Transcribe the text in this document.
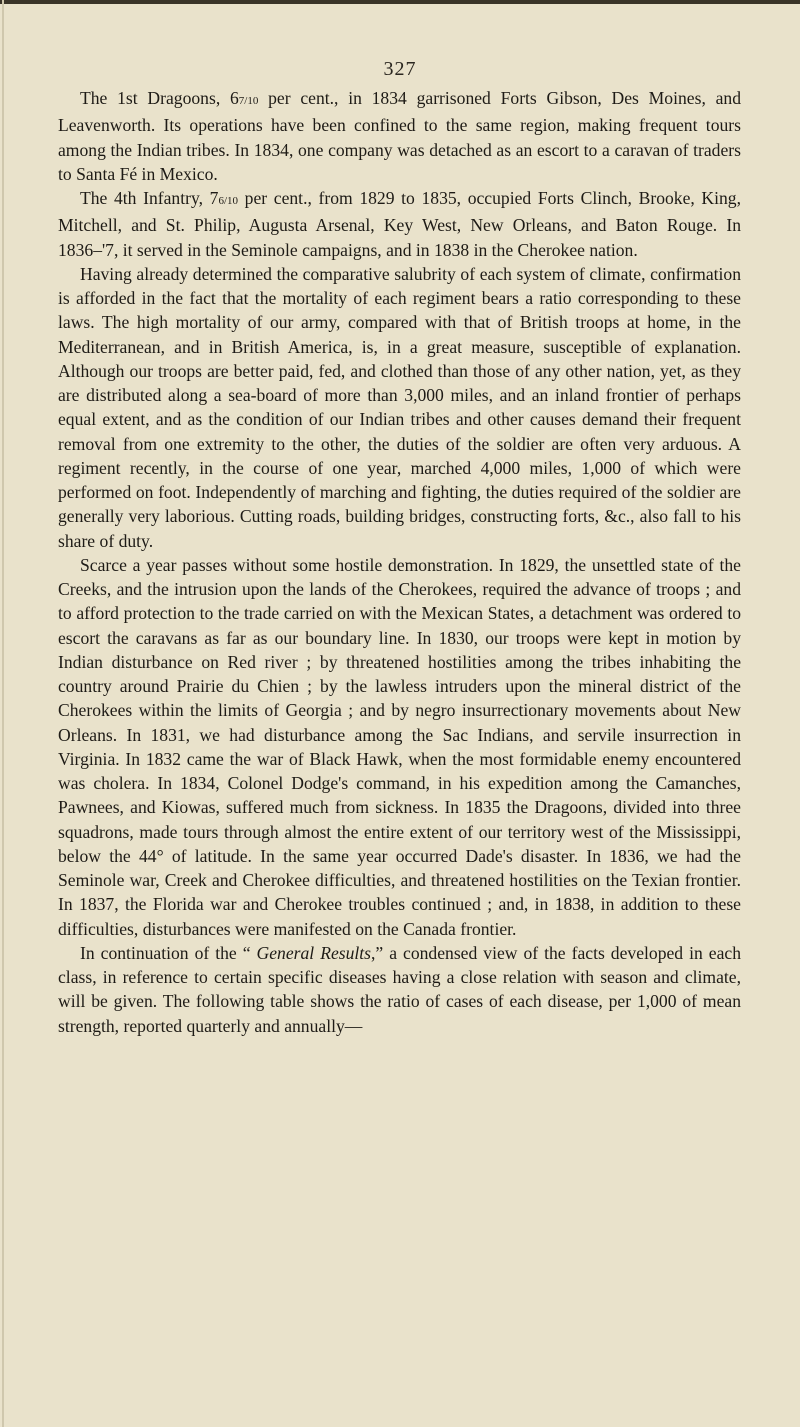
327

The 1st Dragoons, 67/10 per cent., in 1834 garrisoned Forts Gibson, Des Moines, and Leavenworth. Its operations have been confined to the same region, making frequent tours among the Indian tribes. In 1834, one company was detached as an escort to a caravan of traders to Santa Fé in Mexico.

The 4th Infantry, 76/10 per cent., from 1829 to 1835, occupied Forts Clinch, Brooke, King, Mitchell, and St. Philip, Augusta Arsenal, Key West, New Orleans, and Baton Rouge. In 1836–'7, it served in the Seminole campaigns, and in 1838 in the Cherokee nation.

Having already determined the comparative salubrity of each system of climate, confirmation is afforded in the fact that the mortality of each regiment bears a ratio corresponding to these laws. The high mortality of our army, compared with that of British troops at home, in the Mediterranean, and in British America, is, in a great measure, susceptible of explanation. Although our troops are better paid, fed, and clothed than those of any other nation, yet, as they are distributed along a sea-board of more than 3,000 miles, and an inland frontier of perhaps equal extent, and as the condition of our Indian tribes and other causes demand their frequent removal from one extremity to the other, the duties of the soldier are often very arduous. A regiment recently, in the course of one year, marched 4,000 miles, 1,000 of which were performed on foot. Independently of marching and fighting, the duties required of the soldier are generally very laborious. Cutting roads, building bridges, constructing forts, &c., also fall to his share of duty.

Scarce a year passes without some hostile demonstration. In 1829, the unsettled state of the Creeks, and the intrusion upon the lands of the Cherokees, required the advance of troops ; and to afford protection to the trade carried on with the Mexican States, a detachment was ordered to escort the caravans as far as our boundary line. In 1830, our troops were kept in motion by Indian disturbance on Red river ; by threatened hostilities among the tribes inhabiting the country around Prairie du Chien ; by the lawless intruders upon the mineral district of the Cherokees within the limits of Georgia ; and by negro insurrectionary movements about New Orleans. In 1831, we had disturbance among the Sac Indians, and servile insurrection in Virginia. In 1832 came the war of Black Hawk, when the most formidable enemy encountered was cholera. In 1834, Colonel Dodge's command, in his expedition among the Camanches, Pawnees, and Kiowas, suffered much from sickness. In 1835 the Dragoons, divided into three squadrons, made tours through almost the entire extent of our territory west of the Mississippi, below the 44° of latitude. In the same year occurred Dade's disaster. In 1836, we had the Seminole war, Creek and Cherokee difficulties, and threatened hostilities on the Texian frontier. In 1837, the Florida war and Cherokee troubles continued ; and, in 1838, in addition to these difficulties, disturbances were manifested on the Canada frontier.

In continuation of the “ General Results,” a condensed view of the facts developed in each class, in reference to certain specific diseases having a close relation with season and climate, will be given. The following table shows the ratio of cases of each disease, per 1,000 of mean strength, reported quarterly and annually—
